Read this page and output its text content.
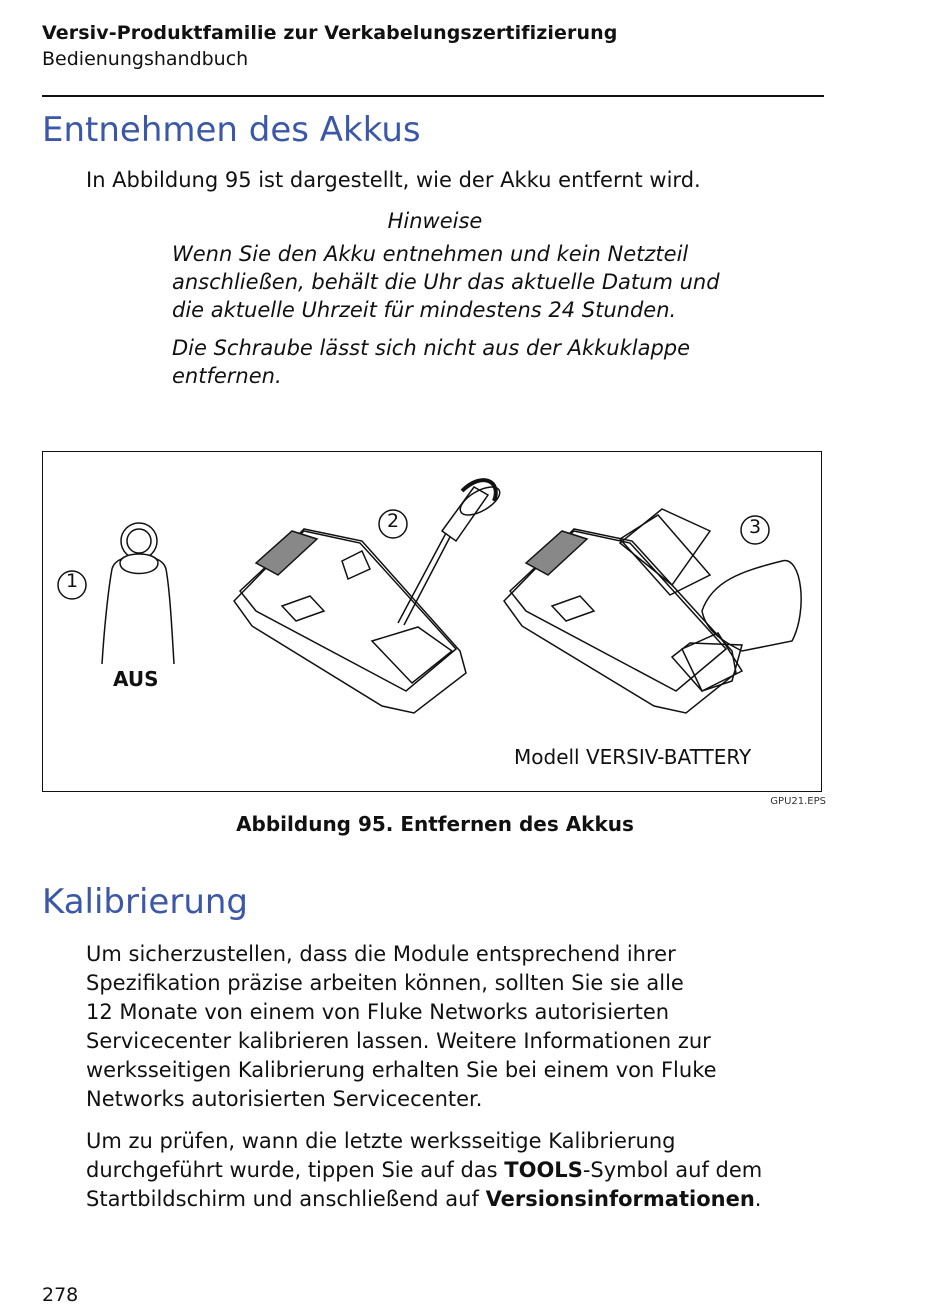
Versiv-Produktfamilie zur Verkabelungszertifizierung
Bedienungshandbuch
Entnehmen des Akkus
In Abbildung 95 ist dargestellt, wie der Akku entfernt wird.
Hinweise
Wenn Sie den Akku entnehmen und kein Netzteil
anschließen, behält die Uhr das aktuelle Datum und
die aktuelle Uhrzeit für mindestens 24 Stunden.
Die Schraube lässt sich nicht aus der Akkuklappe
entfernen.
1
2	3
AUS
Modell VERSIV-BATTERY
GPU21.EPS
Abbildung 95. Entfernen des Akkus
Kalibrierung
Um sicherzustellen, dass die Module entsprechend ihrer
Spezifikation präzise arbeiten können, sollten Sie sie alle
12 Monate von einem von Fluke Networks autorisierten
Servicecenter kalibrieren lassen. Weitere Informationen zur
werksseitigen Kalibrierung erhalten Sie bei einem von Fluke
Networks autorisierten Servicecenter.
Um zu prüfen, wann die letzte werksseitige Kalibrierung
durchgeführt wurde, tippen Sie auf das TOOLS-Symbol auf dem
Startbildschirm und anschließend auf Versionsinformationen.
278
